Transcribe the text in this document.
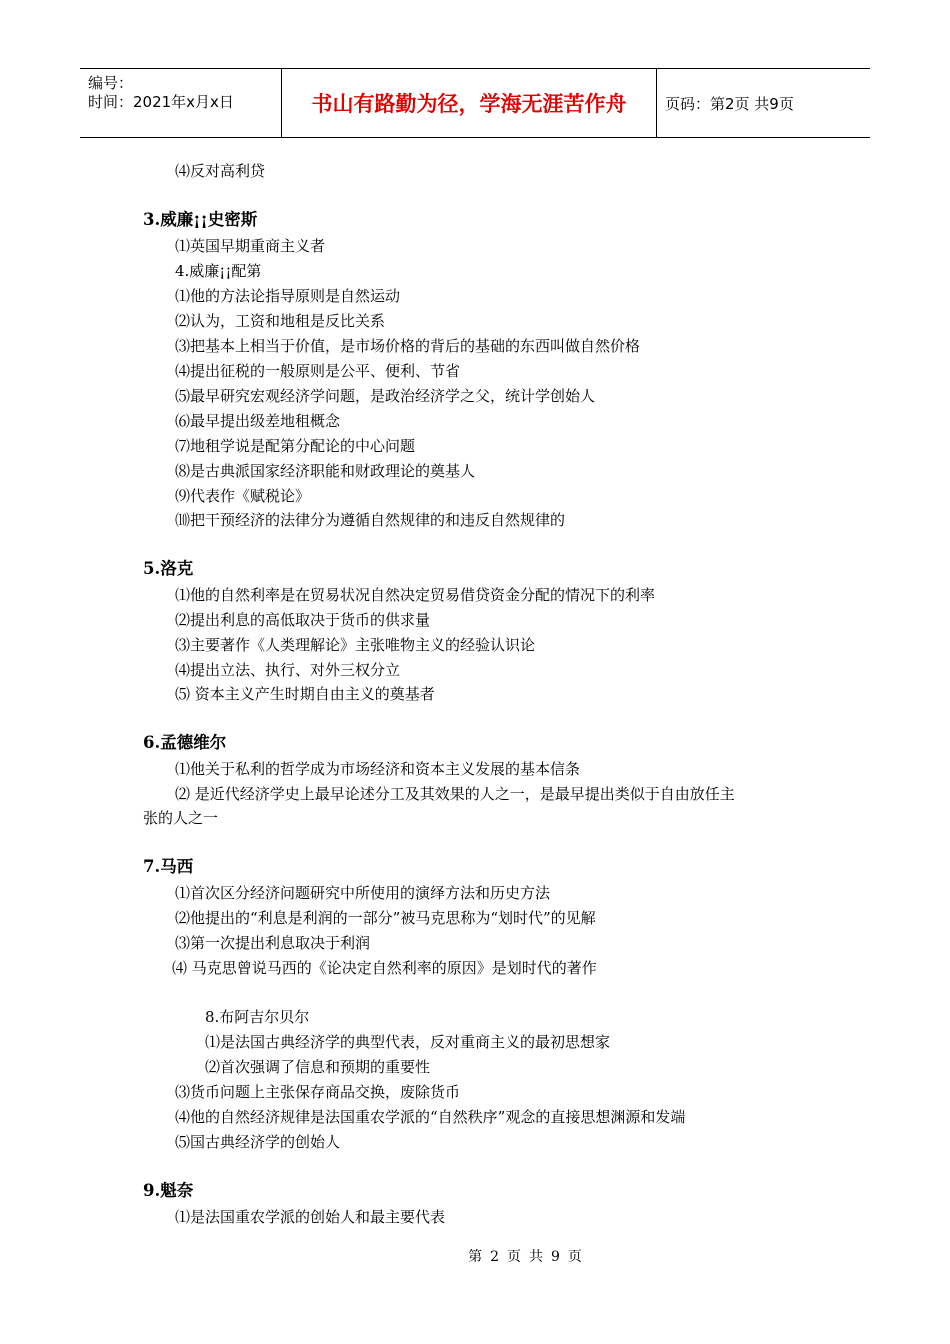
编号：
时间：2021年x月x日	书山有路勤为径，学海无涯苦作舟	页码：第2页 共9页
⑷反对高利贷
3.威廉¡¡史密斯
⑴英国早期重商主义者
4.威廉¡¡配第
⑴他的方法论指导原则是自然运动
⑵认为，工资和地租是反比关系
⑶把基本上相当于价值，是市场价格的背后的基础的东西叫做自然价格
⑷提出征税的一般原则是公平、便利、节省
⑸最早研究宏观经济学问题，是政治经济学之父，统计学创始人
⑹最早提出级差地租概念
⑺地租学说是配第分配论的中心问题
⑻是古典派国家经济职能和财政理论的奠基人
⑼代表作《赋税论》
⑽把干预经济的法律分为遵循自然规律的和违反自然规律的
5.洛克
⑴他的自然利率是在贸易状况自然决定贸易借贷资金分配的情况下的利率
⑵提出利息的高低取决于货币的供求量
⑶主要著作《人类理解论》主张唯物主义的经验认识论
⑷提出立法、执行、对外三权分立
⑸ 资本主义产生时期自由主义的奠基者
6.孟德维尔
⑴他关于私利的哲学成为市场经济和资本主义发展的基本信条
⑵ 是近代经济学史上最早论述分工及其效果的人之一，是最早提出类似于自由放任主
张的人之一
7.马西
⑴首次区分经济问题研究中所使用的演绎方法和历史方法
⑵他提出的“利息是利润的一部分”被马克思称为“划时代”的见解
⑶第一次提出利息取决于利润
⑷ 马克思曾说马西的《论决定自然利率的原因》是划时代的著作
8.布阿吉尔贝尔
⑴是法国古典经济学的典型代表，反对重商主义的最初思想家
⑵首次强调了信息和预期的重要性
⑶货币问题上主张保存商品交换，废除货币
⑷他的自然经济规律是法国重农学派的“自然秩序”观念的直接思想渊源和发端
⑸国古典经济学的创始人
9.魁奈
⑴是法国重农学派的创始人和最主要代表
第 2 页 共 9 页
